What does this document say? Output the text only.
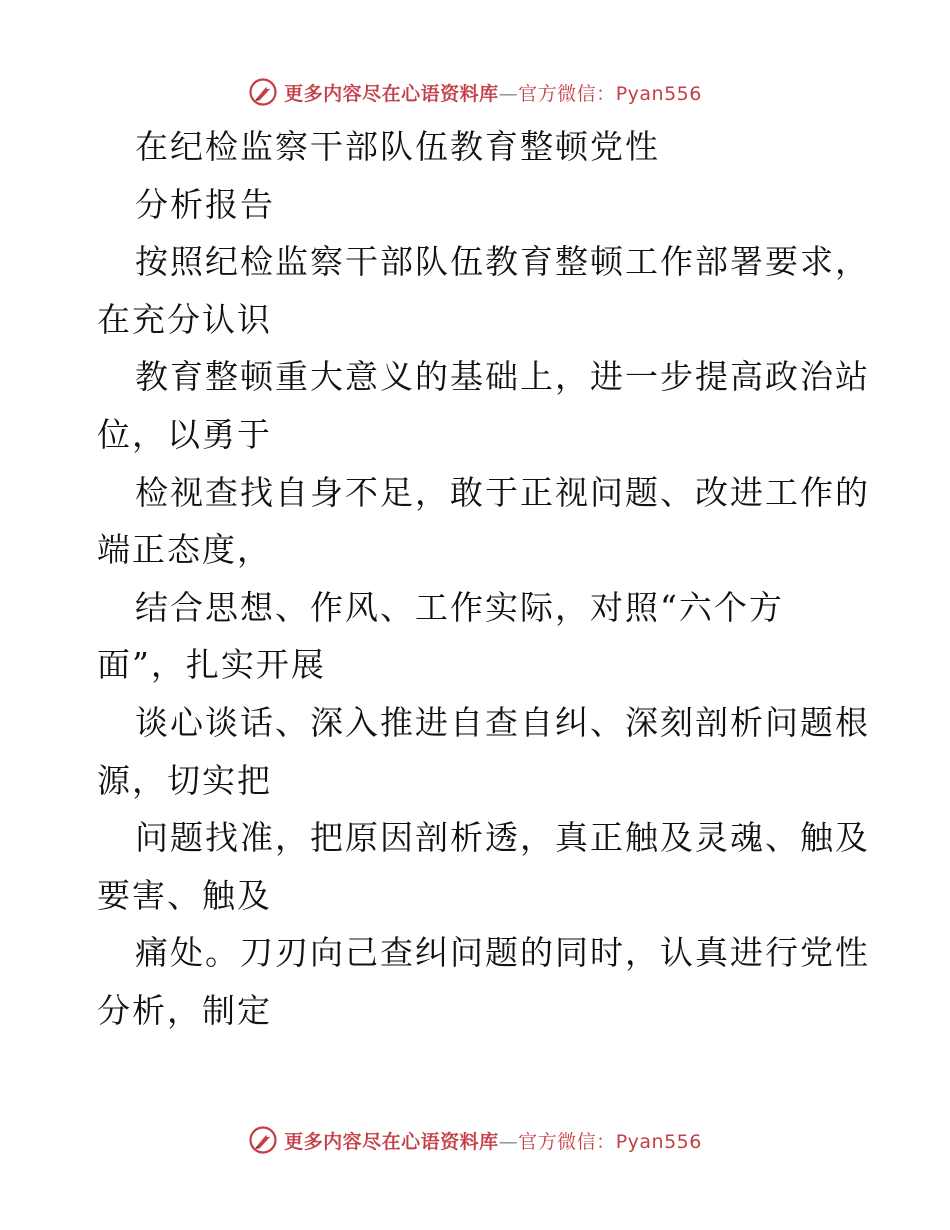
更多内容尽在心语资料库—官方微信：Pyan556
在纪检监察干部队伍教育整顿党性
分析报告
按照纪检监察干部队伍教育整顿工作部署要求，
在充分认识
教育整顿重大意义的基础上，进一步提高政治站
位，以勇于
检视查找自身不足，敢于正视问题、改进工作的
端正态度，
结合思想、作风、工作实际，对照“六个方
面”，扎实开展
谈心谈话、深入推进自查自纠、深刻剖析问题根
源，切实把
问题找准，把原因剖析透，真正触及灵魂、触及
要害、触及
痛处。刀刃向己查纠问题的同时，认真进行党性
分析，制定
更多内容尽在心语资料库—官方微信：Pyan556
